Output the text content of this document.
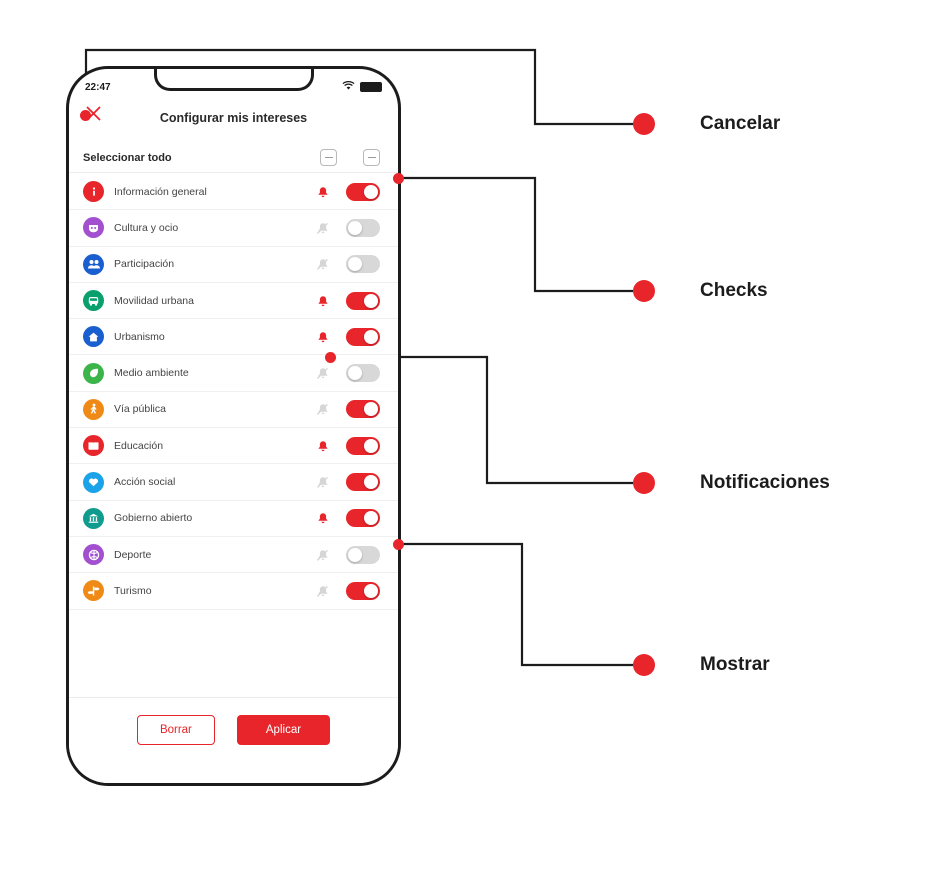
22:47
Configurar mis intereses
Seleccionar todo
Información general
Cultura y ocio
Participación
Movilidad urbana
Urbanismo
Medio ambiente
Vía pública
Educación
Acción social
Gobierno abierto
Deporte
Turismo
Borrar	Aplicar
Cancelar
Checks
Notificaciones
Mostrar
